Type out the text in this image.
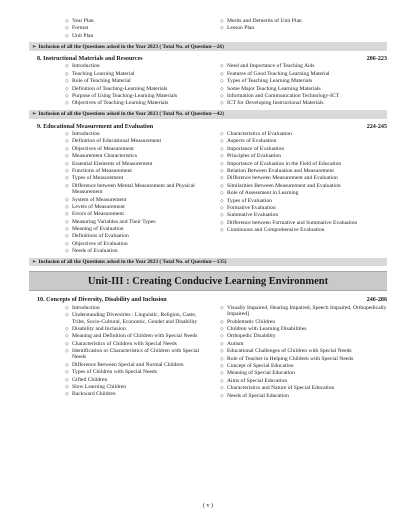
◇ Year Plan
◇ Format
◇ Unit Plan
◇ Merits and Demerits of Unit Plan
◇ Lesson Plan
➢ Inclusion of all the Questions asked in the Year 2023 ( Total No. of Question—26)
8. Instructional Materials and Resources	206-223
◇ Introduction
◇ Teaching Learning Material
◇ Role of Teaching Material
◇ Definition of Teaching-Learning Materials
◇ Purpose of Using Teaching-Learning Materials
◇ Objectives of Teaching-Learning Materials
◇ Need and Importance of Teaching Aids
◇ Features of Good Teaching Learning Material
◇ Types of Teaching Learning Materials
◇ Some Major Teaching Learning Materials
◇ Information and Communication Technology-ICT
◇ ICT for Developing Instructional Materials
➢ Inclusion of all the Questions asked in the Year 2023 ( Total No. of Question—42)
9. Educational Measurement and Evaluation	224-245
◇ Introduction
◇ Definition of Educational Measurement
◇ Objectives of Measurement
◇ Measurement Characteristics
◇ Essential Elements of Measurement
◇ Functions of Measurement
◇ Types of Measurement
◇ Difference between Mental Measurement and Physical Measurement
◇ System of Measurement
◇ Levels of Measurement
◇ Errors of Measurement
◇ Measuring Variables and Their Types
◇ Meaning of Evaluation
◇ Definitions of Evaluation
◇ Objectives of Evaluation
◇ Needs of Evaluation
◇ Characteristics of Evaluation
◇ Aspects of Evaluation
◇ Importance of Evaluation
◇ Principles of Evaluation
◇ Importance of Evaluation in the Field of Education
◇ Relation Between Evaluation and Measurement
◇ Difference between Measurement and Evaluation
◇ Similarities Between Measurement and Evaluation
◇ Role of Assessment in Learning
◇ Types of Evaluation
◇ Formative Evaluation
◇ Summative Evaluation
◇ Difference between Formative and Summative Evaluation
◇ Continuous and Comprehensive Evaluation
➢ Inclusion of all the Questions asked in the Year 2023 ( Total No. of Question—135)
Unit-III : Creating Conducive Learning Environment
10. Concepts of Diversity, Disability and Inclusion	246-286
◇ Introduction
◇ Understanding Diversities : Linguistic, Religion, Caste, Tribe, Socio-Cultural, Economic, Gender and Disability
◇ Disability and Inclusion
◇ Meaning and Definition of Children with Special Needs
◇ Characteristics of Children with Special Needs
◇ Identification or Characteristics of Children with Special Needs
◇ Difference Between Special and Normal Children
◇ Types of Children with Special Needs
◇ Gifted Children
◇ Slow Learning Children
◇ Backward Children
◇ Visually Impaired, Hearing Impaired, Speech Impaired, Orthopedically Impaired]
◇ Problematic Children
◇ Children with Learning Disabilities
◇ Orthopedic Disability
◇ Autism
◇ Educational Challenges of Children with Special Needs
◇ Role of Teacher in Helping Children with Special Needs
◇ Concept of Special Education
◇ Meaning of Special Education
◇ Aims of Special Education
◇ Characteristics and Nature of Special Education
◇ Needs of Special Education
( v )
